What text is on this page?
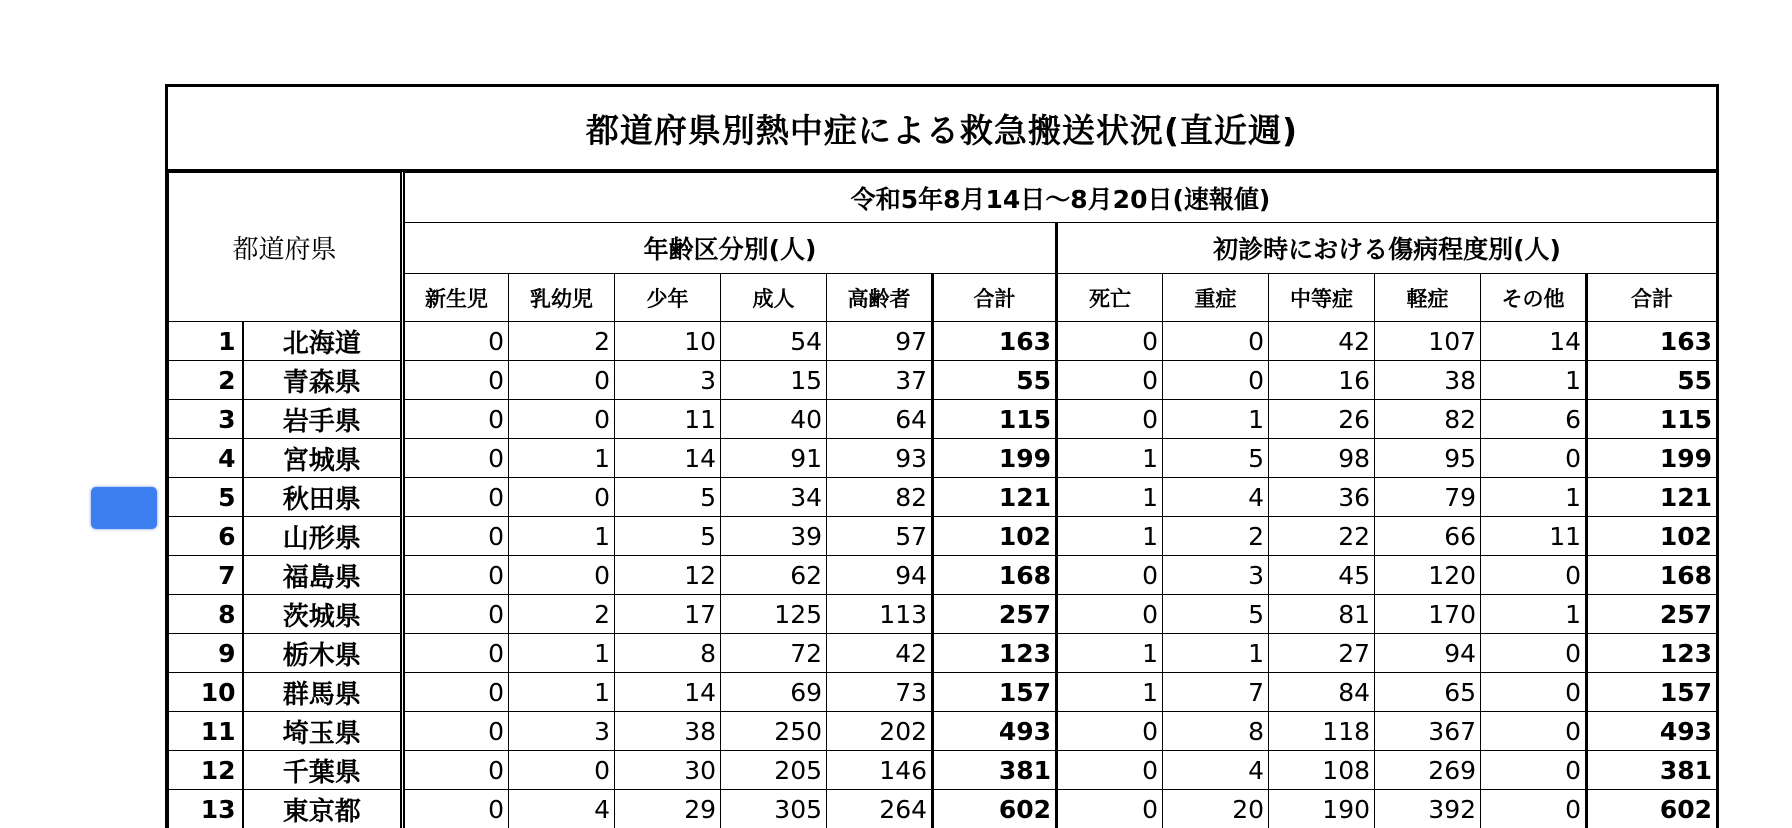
都道府県別熱中症による救急搬送状況(直近週)
都道府県		令和5年8月14日～8月20日(速報値)											
		年齢区分別(人)						初診時における傷病程度別(人)					
		新生児	乳幼児	少年	成人	高齢者	合計	死亡	重症	中等症	軽症	その他	合計
1	北海道	0	2	10	54	97	163	0	0	42	107	14	163
2	青森県	0	0	3	15	37	55	0	0	16	38	1	55
3	岩手県	0	0	11	40	64	115	0	1	26	82	6	115
4	宮城県	0	1	14	91	93	199	1	5	98	95	0	199
5	秋田県	0	0	5	34	82	121	1	4	36	79	1	121
6	山形県	0	1	5	39	57	102	1	2	22	66	11	102
7	福島県	0	0	12	62	94	168	0	3	45	120	0	168
8	茨城県	0	2	17	125	113	257	0	5	81	170	1	257
9	栃木県	0	1	8	72	42	123	1	1	27	94	0	123
10	群馬県	0	1	14	69	73	157	1	7	84	65	0	157
11	埼玉県	0	3	38	250	202	493	0	8	118	367	0	493
12	千葉県	0	0	30	205	146	381	0	4	108	269	0	381
13	東京都	0	4	29	305	264	602	0	20	190	392	0	602
